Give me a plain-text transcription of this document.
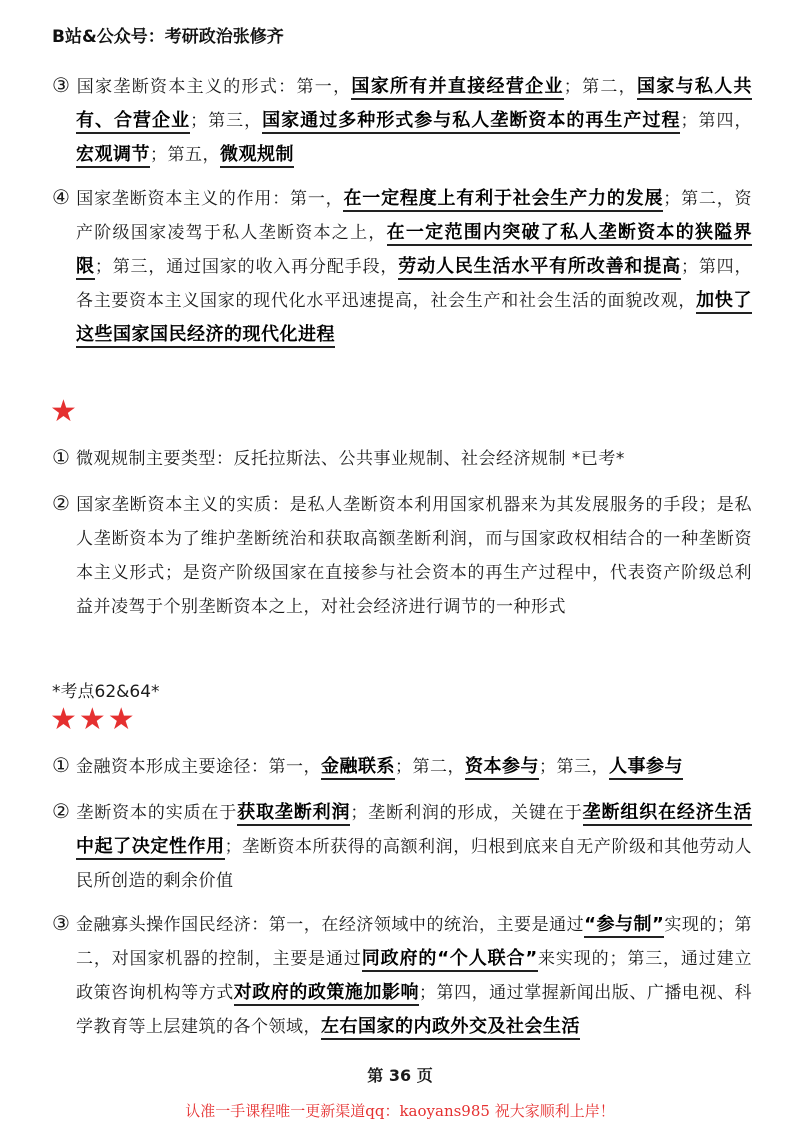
B站&公众号：考研政治张修齐
③ 国家垄断资本主义的形式：第一，国家所有并直接经营企业；第二，国家与私人共有、合营企业；第三，国家通过多种形式参与私人垄断资本的再生产过程；第四，宏观调节；第五，微观规制
④ 国家垄断资本主义的作用：第一，在一定程度上有利于社会生产力的发展；第二，资产阶级国家凌驾于私人垄断资本之上，在一定范围内突破了私人垄断资本的狭隘界限；第三，通过国家的收入再分配手段，劳动人民生活水平有所改善和提高；第四，各主要资本主义国家的现代化水平迅速提高，社会生产和社会生活的面貌改观，加快了这些国家国民经济的现代化进程
★
① 微观规制主要类型：反托拉斯法、公共事业规制、社会经济规制 *已考*
② 国家垄断资本主义的实质：是私人垄断资本利用国家机器来为其发展服务的手段；是私人垄断资本为了维护垄断统治和获取高额垄断利润，而与国家政权相结合的一种垄断资本主义形式；是资产阶级国家在直接参与社会资本的再生产过程中，代表资产阶级总利益并凌驾于个别垄断资本之上，对社会经济进行调节的一种形式
*考点62&64*
★★★
① 金融资本形成主要途径：第一，金融联系；第二，资本参与；第三，人事参与
② 垄断资本的实质在于获取垄断利润；垄断利润的形成，关键在于垄断组织在经济生活中起了决定性作用；垄断资本所获得的高额利润，归根到底来自无产阶级和其他劳动人民所创造的剩余价值
③ 金融寡头操作国民经济：第一，在经济领域中的统治，主要是通过“参与制”实现的；第二，对国家机器的控制，主要是通过同政府的“个人联合”来实现的；第三，通过建立政策咨询机构等方式对政府的政策施加影响；第四，通过掌握新闻出版、广播电视、科学教育等上层建筑的各个领域，左右国家的内政外交及社会生活
第 36 页
认准一手课程唯一更新渠道qq：kaoyans985 祝大家顺利上岸！
